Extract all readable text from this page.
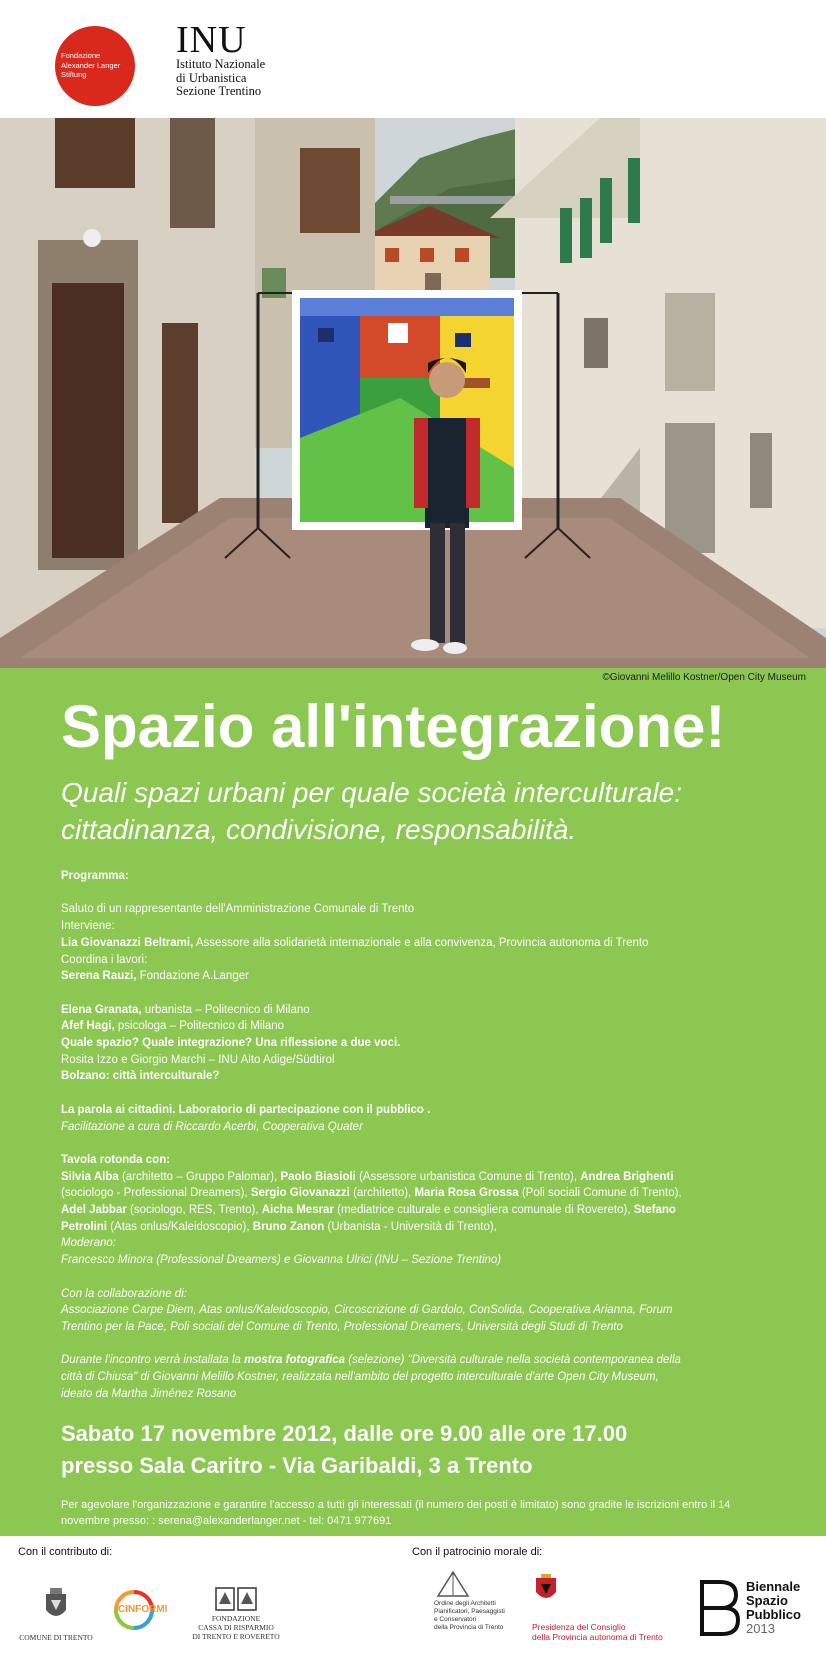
Fondazione
Alexander Langer
Stiftung
INU
Istituto Nazionale
di Urbanistica
Sezione Trentino
©Giovanni Melillo Kostner/Open City Museum
Spazio all'integrazione!
Quali spazi urbani per quale società interculturale:
cittadinanza, condivisione, responsabilità.
Programma:
Saluto di un rappresentante dell'Amministrazione Comunale di Trento
Interviene:
Lia Giovanazzi Beltrami, Assessore alla solidarietà internazionale e alla convivenza, Provincia autonoma di Trento
Coordina i lavori:
Serena Rauzi, Fondazione A.Langer
Elena Granata, urbanista – Politecnico di Milano
Afef Hagi, psicologa – Politecnico di Milano
Quale spazio? Quale integrazione? Una riflessione a due voci.
Rosita Izzo e Giorgio Marchi – INU Alto Adige/Südtirol
Bolzano: città interculturale?
La parola ai cittadini. Laboratorio di partecipazione con il pubblico .
Facilitazione a cura di Riccardo Acerbi, Cooperativa Quater
Tavola rotonda con:
Silvia Alba (architetto – Gruppo Palomar), Paolo Biasioli (Assessore urbanistica Comune di Trento), Andrea Brighenti
(sociologo - Professional Dreamers), Sergio Giovanazzi (architetto), Maria Rosa Grossa (Poli sociali Comune di Trento),
Adel Jabbar (sociologo, RES, Trento), Aicha Mesrar (mediatrice culturale e consigliera comunale di Rovereto), Stefano
Petrolini (Atas onlus/Kaleidoscopio), Bruno Zanon (Urbanista - Università di Trento),
Moderano:
Francesco Minora (Professional Dreamers) e Giovanna Ulrici (INU – Sezione Trentino)
Con la collaborazione di:
Associazione Carpe Diem, Atas onlus/Kaleidoscopio, Circoscrizione di Gardolo, ConSolida, Cooperativa Arianna, Forum
Trentino per la Pace, Poli sociali del Comune di Trento, Professional Dreamers, Università degli Studi di Trento
Durante l'incontro verrà installata la mostra fotografica (selezione) "Diversità culturale nella società contemporanea della
città di Chiusa" di Giovanni Melillo Kostner, realizzata nell'ambito del progetto interculturale d'arte Open City Museum,
ideato da Martha Jiménez Rosano
Sabato 17 novembre 2012, dalle ore 9.00 alle ore 17.00
presso Sala Caritro - Via Garibaldi, 3 a Trento
Per agevolare l'organizzazione e garantire l'accesso a tutti gli interessati (il numero dei posti è limitato) sono gradite le iscrizioni entro il 14
novembre presso: : serena@alexanderlanger.net - tel: 0471 977691
Con il contributo di:	Con il patrocinio morale di:
COMUNE DI TRENTO
CINFORMI
FONDAZIONE
CASSA DI RISPARMIO
DI TRENTO E ROVERETO
Ordine degli Architetti
Pianificatori, Paesaggisti
e Conservatori
della Provincia di Trento	Presidenza del Consiglio
della Provincia autonoma di Trento
Biennale
Spazio
Pubblico
2013
